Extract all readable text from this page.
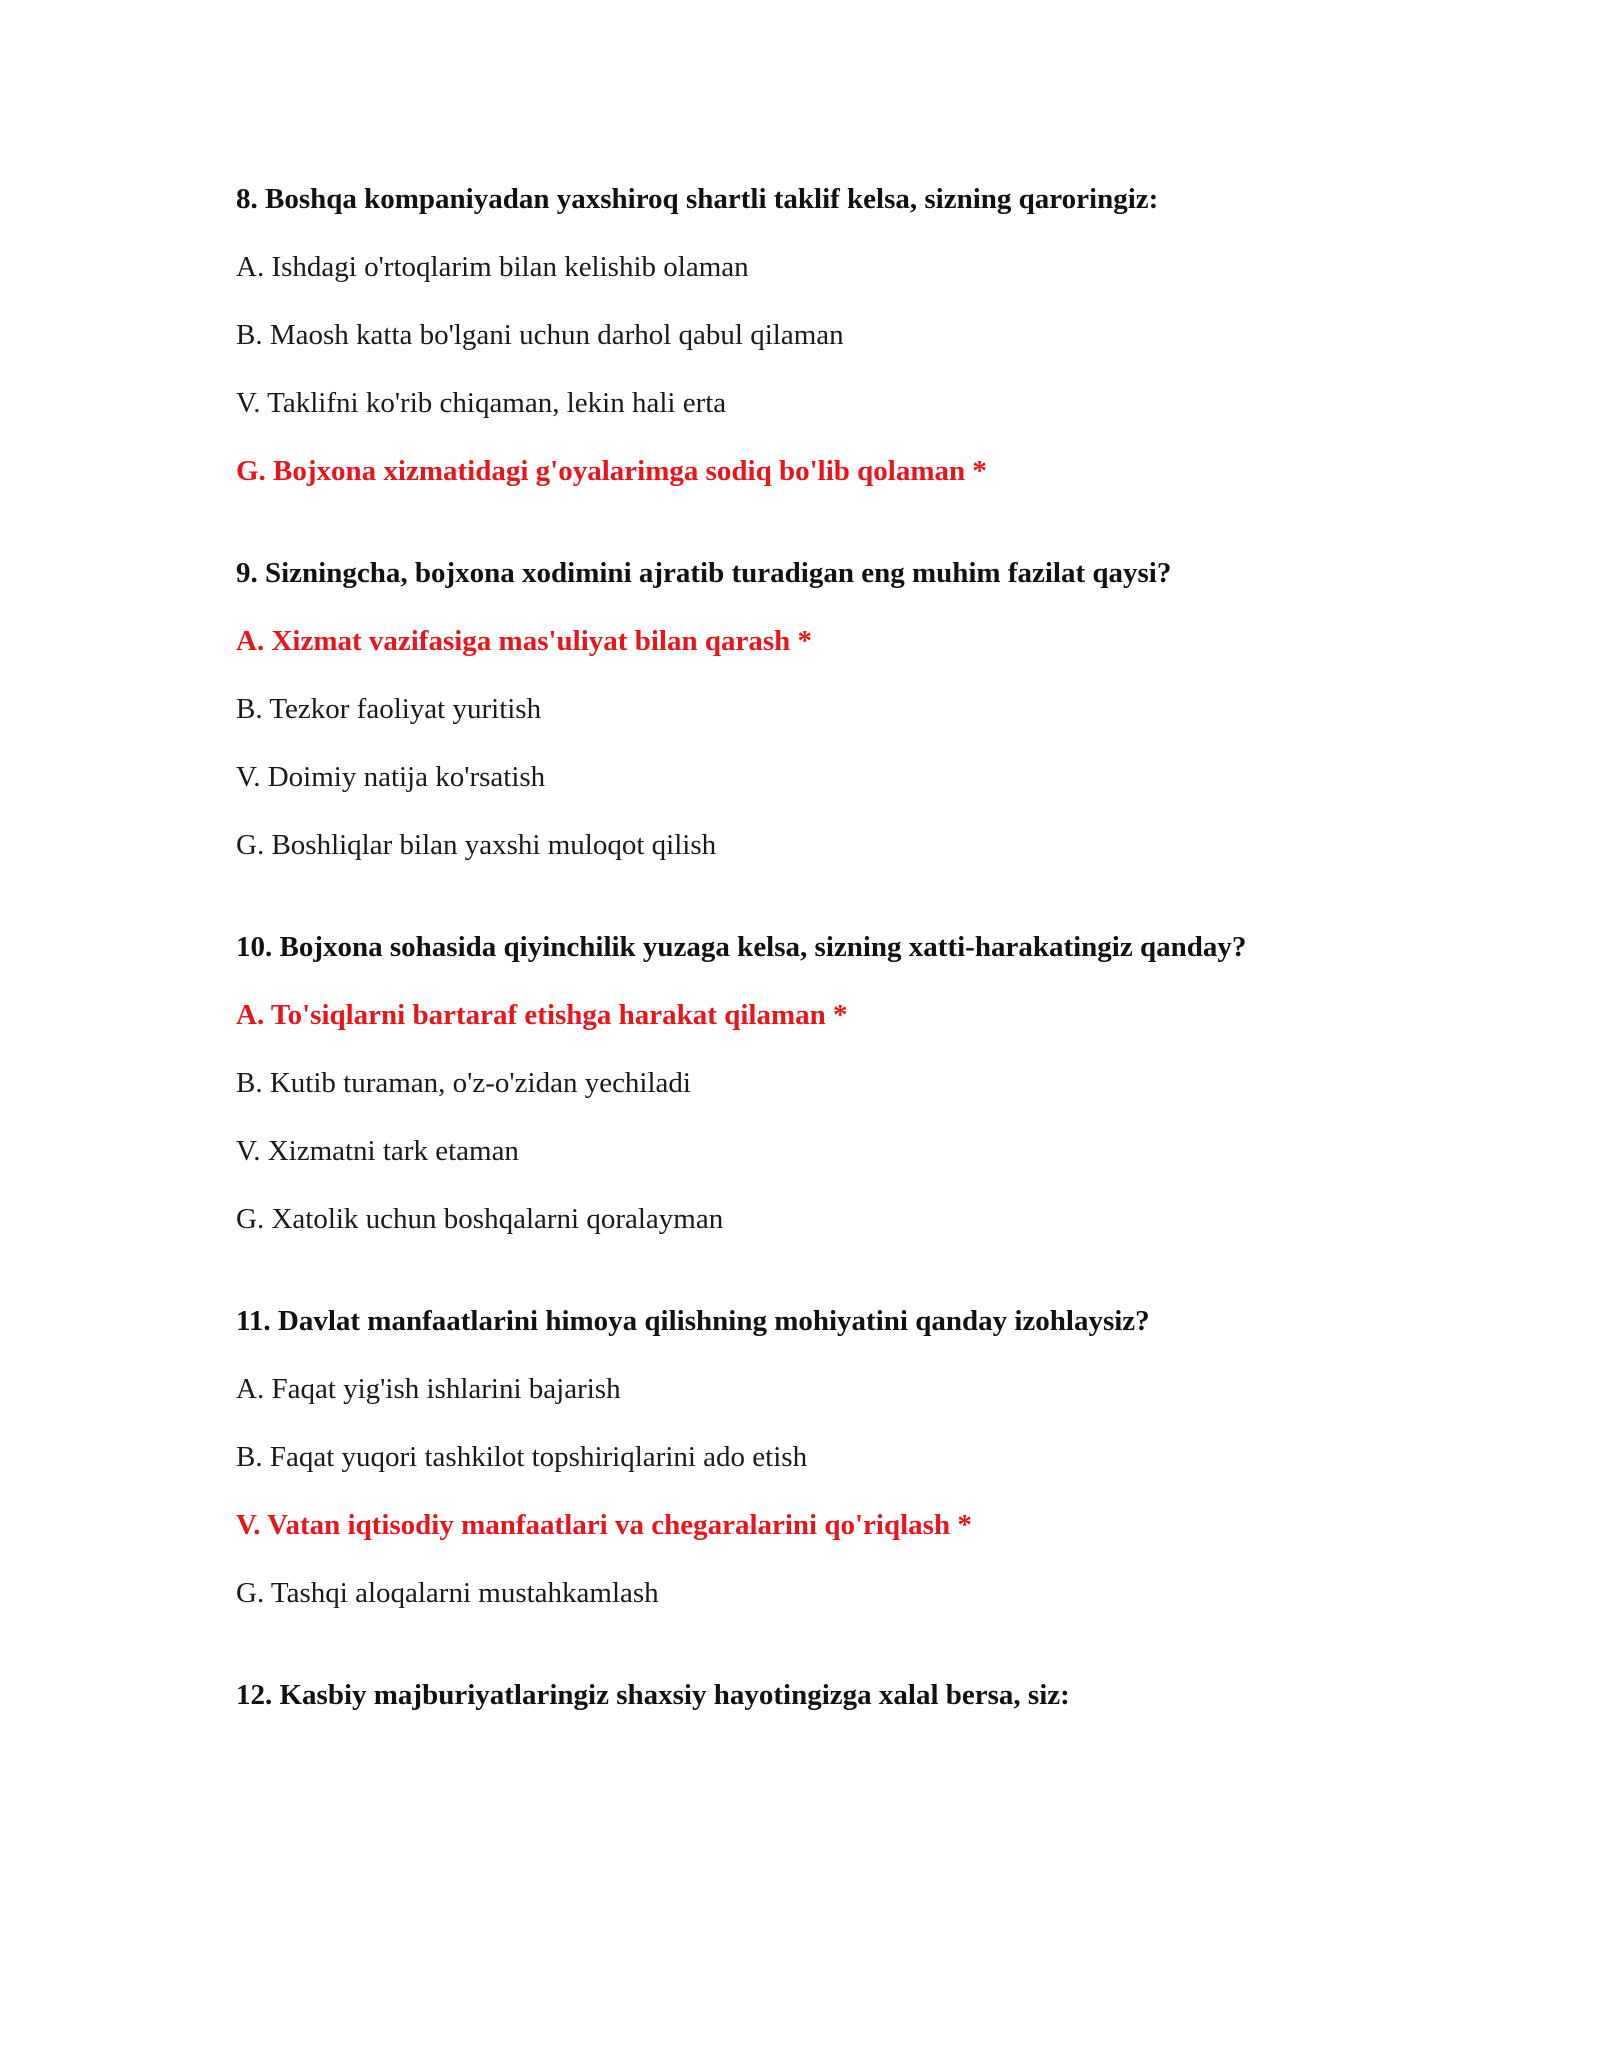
8. Boshqa kompaniyadan yaxshiroq shartli taklif kelsa, sizning qaroringiz:
A. Ishdagi o'rtoqlarim bilan kelishib olaman
B. Maosh katta bo'lgani uchun darhol qabul qilaman
V. Taklifni ko'rib chiqaman, lekin hali erta
G. Bojxona xizmatidagi g'oyalarimga sodiq bo'lib qolaman *
9. Sizningcha, bojxona xodimini ajratib turadigan eng muhim fazilat qaysi?
A. Xizmat vazifasiga mas'uliyat bilan qarash *
B. Tezkor faoliyat yuritish
V. Doimiy natija ko'rsatish
G. Boshliqlar bilan yaxshi muloqot qilish
10. Bojxona sohasida qiyinchilik yuzaga kelsa, sizning xatti-harakatingiz qanday?
A. To'siqlarni bartaraf etishga harakat qilaman *
B. Kutib turaman, o'z-o'zidan yechiladi
V. Xizmatni tark etaman
G. Xatolik uchun boshqalarni qoralayman
11. Davlat manfaatlarini himoya qilishning mohiyatini qanday izohlaysiz?
A. Faqat yig'ish ishlarini bajarish
B. Faqat yuqori tashkilot topshiriqlarini ado etish
V. Vatan iqtisodiy manfaatlari va chegaralarini qo'riqlash *
G. Tashqi aloqalarni mustahkamlash
12. Kasbiy majburiyatlaringiz shaxsiy hayotingizga xalal bersa, siz:
